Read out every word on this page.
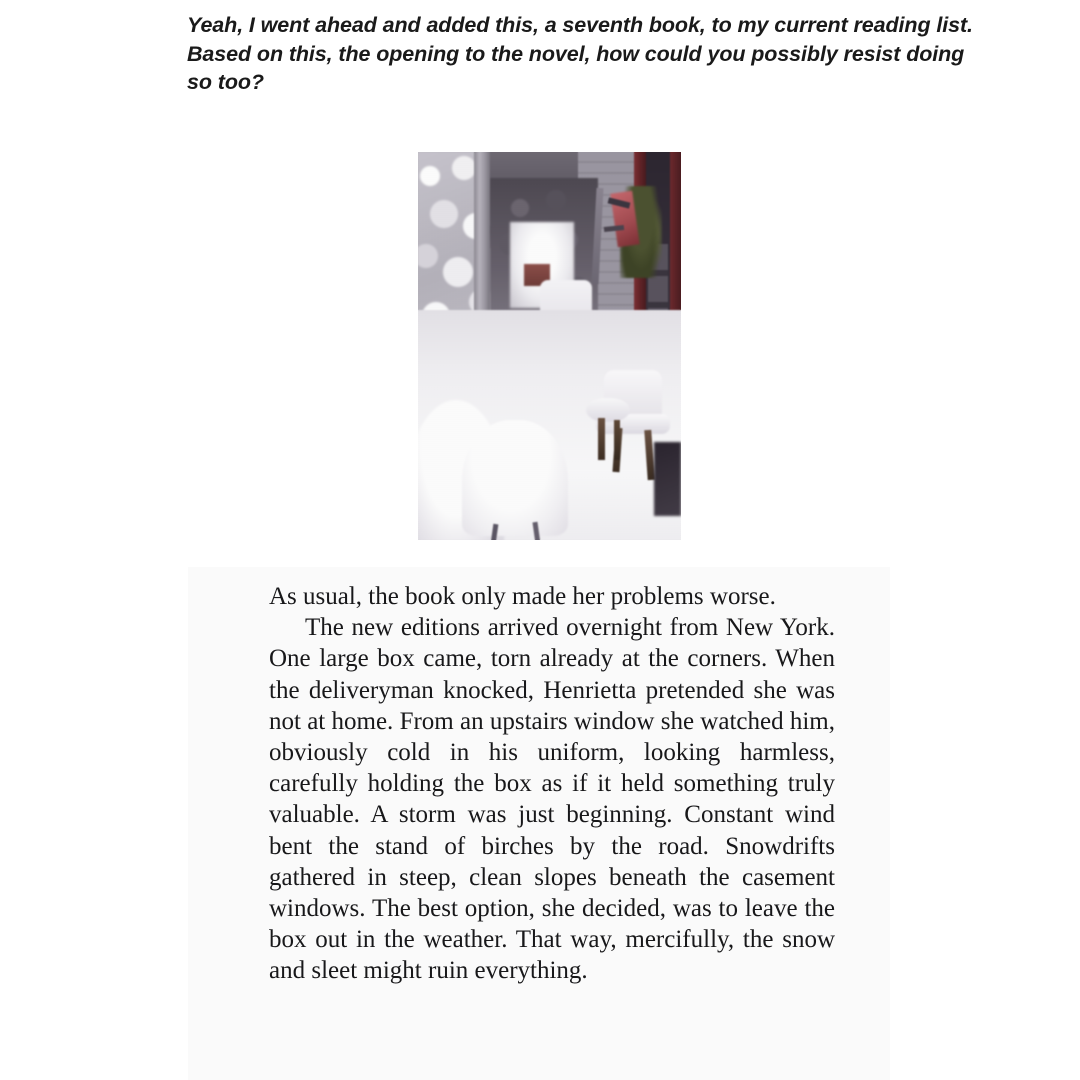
Yeah, I went ahead and added this, a seventh book, to my current reading list.  Based on this, the opening to the novel, how could you possibly resist doing so too?

As usual, the book only made her problems worse.

The new editions arrived overnight from New York. One large box came, torn already at the corners. When the deliveryman knocked, Henrietta pretended she was not at home. From an upstairs window she watched him, obviously cold in his uniform, looking harmless, carefully holding the box as if it held something truly valuable. A storm was just beginning. Constant wind bent the stand of birches by the road. Snowdrifts gathered in steep, clean slopes beneath the casement windows. The best option, she decided, was to leave the box out in the weather. That way, mercifully, the snow and sleet might ruin everything.
